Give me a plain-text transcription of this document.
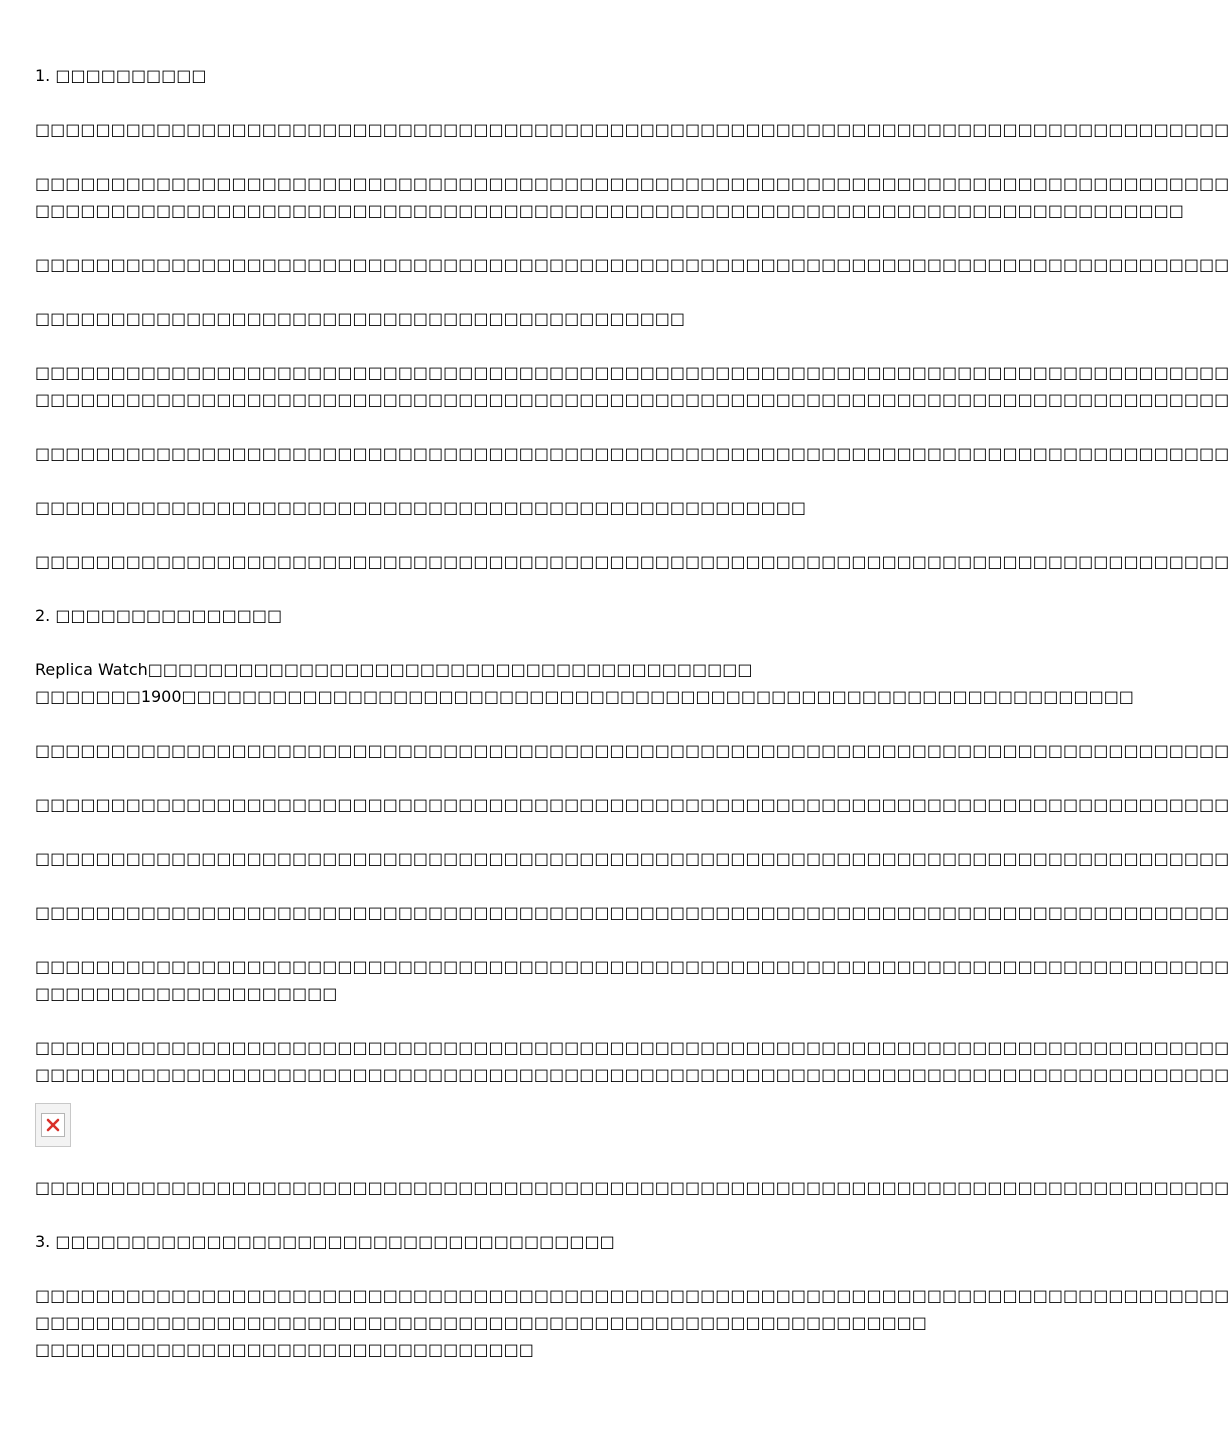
1. □□□□□□□□□□
□□□□□□□□□□□□□□□□□□□□□□□□□□□□□□□□□□□□□□□□□□□□□□□□□□□□□□□□□□□□□□□□□□□□□□□□□□□□□□□
□□□□□□□□□□□□□□□□□□□□□□□□□□□□□□□□□□□□□□□□□□□□□□□□□□□□□□□□□□□□□□□□□□□□□□□□□□□□□□□
□□□□□□□□□□□□□□□□□□□□□□□□□□□□□□□□□□□□□□□□□□□□□□□□□□□□□□□□□□□□□□□□□□□□□□□□□□□□
□□□□□□□□□□□□□□□□□□□□□□□□□□□□□□□□□□□□□□□□□□□□□□□□□□□□□□□□□□□□□□□□□□□□□□□□□□□□□□□
□□□□□□□□□□□□□□□□□□□□□□□□□□□□□□□□□□□□□□□□□□□
□□□□□□□□□□□□□□□□□□□□□□□□□□□□□□□□□□□□□□□□□□□□□□□□□□□□□□□□□□□□□□□□□□□□□□□□□□□□□□□
□□□□□□□□□□□□□□□□□□□□□□□□□□□□□□□□□□□□□□□□□□□□□□□□□□□□□□□□□□□□□□□□□□□□□□□□□□□□□□□
□□□□□□□□□□□□□□□□□□□□□□□□□□□□□□□□□□□□□□□□□□□□□□□□□□□□□□□□□□□□□□□□□□□□□□□□□□□□□□□
□□□□□□□□□□□□□□□□□□□□□□□□□□□□□□□□□□□□□□□□□□□□□□□□□□□
□□□□□□□□□□□□□□□□□□□□□□□□□□□□□□□□□□□□□□□□□□□□□□□□□□□□□□□□□□□□□□□□□□□□□□□□□□□□□□□
2. □□□□□□□□□□□□□□□
Replica Watch□□□□□□□□□□□□□□□□□□□□□□□□□□□□□□□□□□□□□□□□
□□□□□□□1900□□□□□□□□□□□□□□□□□□□□□□□□□□□□□□□□□□□□□□□□□□□□□□□□□□□□□□□□□□□□□□□
□□□□□□□□□□□□□□□□□□□□□□□□□□□□□□□□□□□□□□□□□□□□□□□□□□□□□□□□□□□□□□□□□□□□□□□□□□□□□□□
□□□□□□□□□□□□□□□□□□□□□□□□□□□□□□□□□□□□□□□□□□□□□□□□□□□□□□□□□□□□□□□□□□□□□□□□□□□□□□□
□□□□□□□□□□□□□□□□□□□□□□□□□□□□□□□□□□□□□□□□□□□□□□□□□□□□□□□□□□□□□□□□□□□□□□□□□□□□□□□
□□□□□□□□□□□□□□□□□□□□□□□□□□□□□□□□□□□□□□□□□□□□□□□□□□□□□□□□□□□□□□□□□□□□□□□□□□□□□□□
□□□□□□□□□□□□□□□□□□□□□□□□□□□□□□□□□□□□□□□□□□□□□□□□□□□□□□□□□□□□□□□□□□□□□□□□□□□□□□□
□□□□□□□□□□□□□□□□□□□□
□□□□□□□□□□□□□□□□□□□□□□□□□□□□□□□□□□□□□□□□□□□□□□□□□□□□□□□□□□□□□□□□□□□□□□□□□□□□□□□
□□□□□□□□□□□□□□□□□□□□□□□□□□□□□□□□□□□□□□□□□□□□□□□□□□□□□□□□□□□□□□□□□□□□□□□□□□□□□□□
□□□□□□□□□□□□□□□□□□□□□□□□□□□□□□□□□□□□□□□□□□□□□□□□□□□□□□□□□□□□□□□□□□□□□□□□□□□□□□□
3. □□□□□□□□□□□□□□□□□□□□□□□□□□□□□□□□□□□□□
□□□□□□□□□□□□□□□□□□□□□□□□□□□□□□□□□□□□□□□□□□□□□□□□□□□□□□□□□□□□□□□□□□□□□□□□□□□□□□□
□□□□□□□□□□□□□□□□□□□□□□□□□□□□□□□□□□□□□□□□□□□□□□□□□□□□□□□□□□□
□□□□□□□□□□□□□□□□□□□□□□□□□□□□□□□□□
